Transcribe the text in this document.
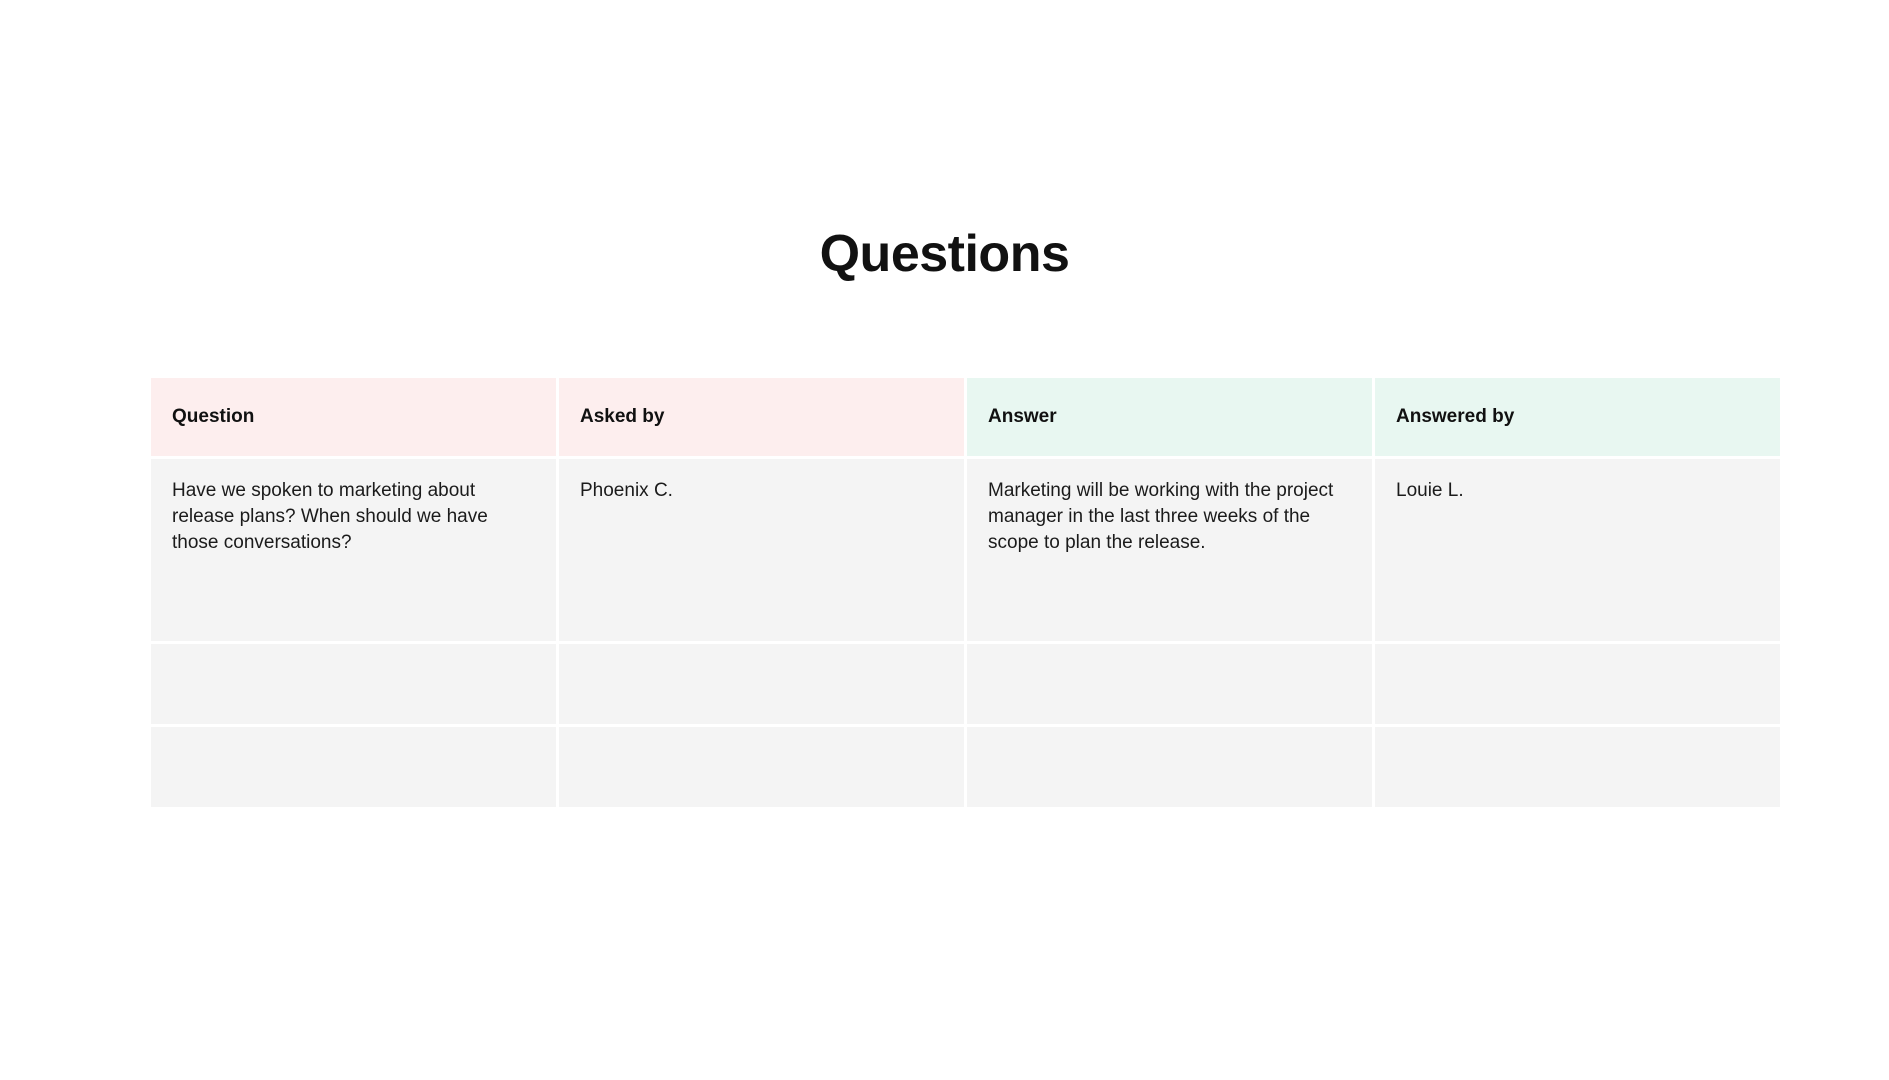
Questions
Question	Asked by	Answer	Answered by

Have we spoken to marketing about release plans? When should we have those conversations?	Phoenix C.	Marketing will be working with the project manager in the last three weeks of the scope to plan the release.	Louie L.
